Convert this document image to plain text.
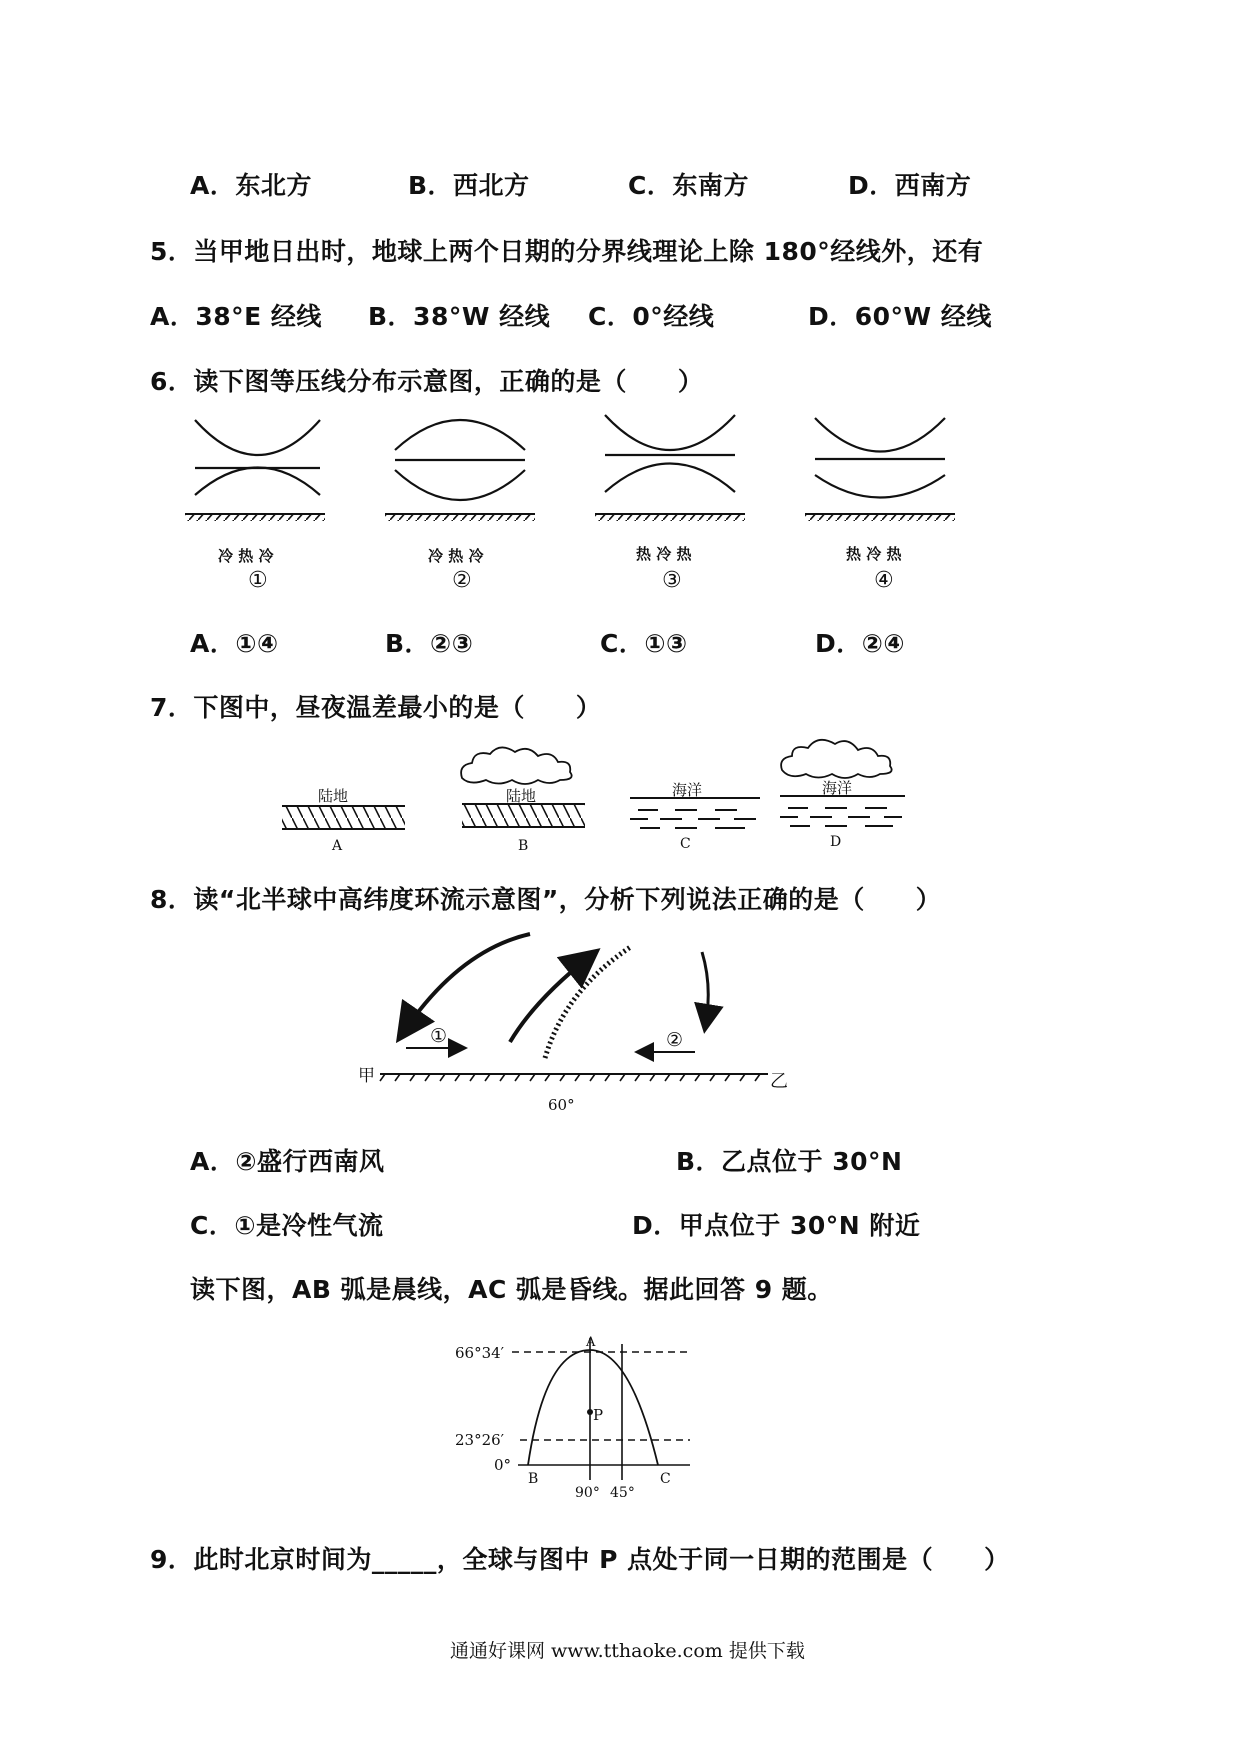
A．东北方	B．西北方	C．东南方	D．西南方
5．当甲地日出时，地球上两个日期的分界线理论上除 180°经线外，还有
A．38°E 经线 B．38°W 经线 C．0°经线	D．60°W 经线
6．读下图等压线分布示意图，正确的是（　　）
冷 热 冷	冷 热 冷	热 冷 热	热 冷 热
①	②	③	④
A．①④	B．②③	C．①③	D．②④
7．下图中，昼夜温差最小的是（　　）
陆地	陆地	海洋	海洋
A	B	C	D
8．读“北半球中高纬度环流示意图”，分析下列说法正确的是（　　）
①	②
甲	乙
60°
A．②盛行西南风	B．乙点位于 30°N
C．①是冷性气流	D．甲点位于 30°N 附近
读下图，AB 弧是晨线，AC 弧是昏线。据此回答 9 题。
A
P
B	C
66°34′
23°26′
0°
90° 45°
9．此时北京时间为_____，全球与图中 P 点处于同一日期的范围是（　　）
通通好课网 www.tthaoke.com 提供下载
